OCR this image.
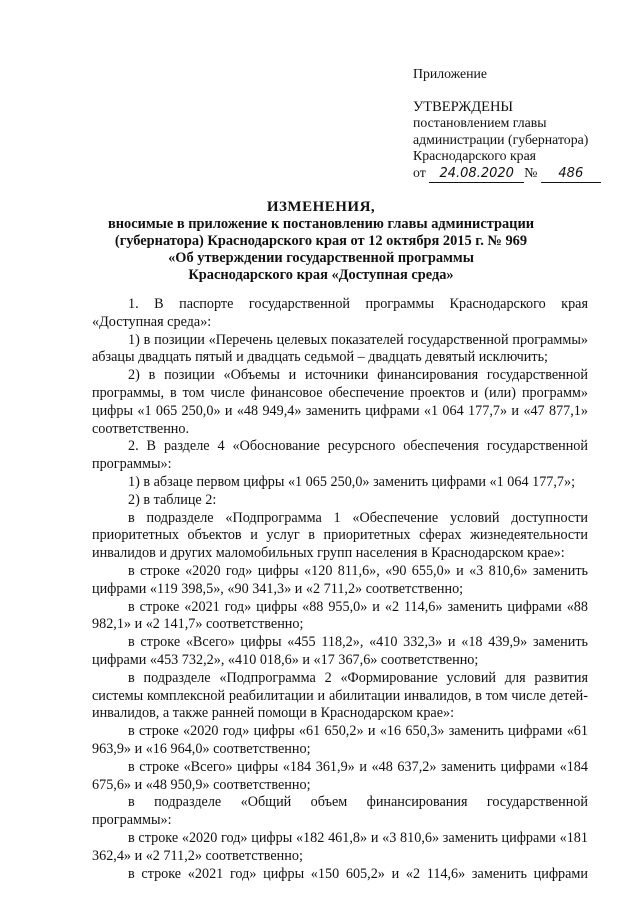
Приложение
УТВЕРЖДЕНЫ
постановлением главы
администрации (губернатора)
Краснодарского края
от 24.08.2020 № 486
ИЗМЕНЕНИЯ,
вносимые в приложение к постановлению главы администрации
(губернатора) Краснодарского края от 12 октября 2015 г. № 969
«Об утверждении государственной программы
Краснодарского края «Доступная среда»

1. В паспорте государственной программы Краснодарского края «Доступная среда»:

1) в позиции «Перечень целевых показателей государственной программы» абзацы двадцать пятый и двадцать седьмой – двадцать девятый исключить;

2) в позиции «Объемы и источники финансирования государственной программы, в том числе финансовое обеспечение проектов и (или) программ» цифры «1 065 250,0» и «48 949,4» заменить цифрами «1 064 177,7» и «47 877,1» соответственно.

2. В разделе 4 «Обоснование ресурсного обеспечения государственной программы»:

1) в абзаце первом цифры «1 065 250,0» заменить цифрами «1 064 177,7»;

2) в таблице 2:

в подразделе «Подпрограмма 1 «Обеспечение условий доступности приоритетных объектов и услуг в приоритетных сферах жизнедеятельности инвалидов и других маломобильных групп населения в Краснодарском крае»:

в строке «2020 год» цифры «120 811,6», «90 655,0» и «3 810,6» заменить цифрами «119 398,5», «90 341,3» и «2 711,2» соответственно;

в строке «2021 год» цифры «88 955,0» и «2 114,6» заменить цифрами «88 982,1» и «2 141,7» соответственно;

в строке «Всего» цифры «455 118,2», «410 332,3» и «18 439,9» заменить цифрами «453 732,2», «410 018,6» и «17 367,6» соответственно;

в подразделе «Подпрограмма 2 «Формирование условий для развития системы комплексной реабилитации и абилитации инвалидов, в том числе детей-инвалидов, а также ранней помощи в Краснодарском крае»:

в строке «2020 год» цифры «61 650,2» и «16 650,3» заменить цифрами «61 963,9» и «16 964,0» соответственно;

в строке «Всего» цифры «184 361,9» и «48 637,2» заменить цифрами «184 675,6» и «48 950,9» соответственно;

в подразделе «Общий объем финансирования государственной программы»:

в строке «2020 год» цифры «182 461,8» и «3 810,6» заменить цифрами «181 362,4» и «2 711,2» соответственно;

в строке «2021 год» цифры «150 605,2» и «2 114,6» заменить цифрами
